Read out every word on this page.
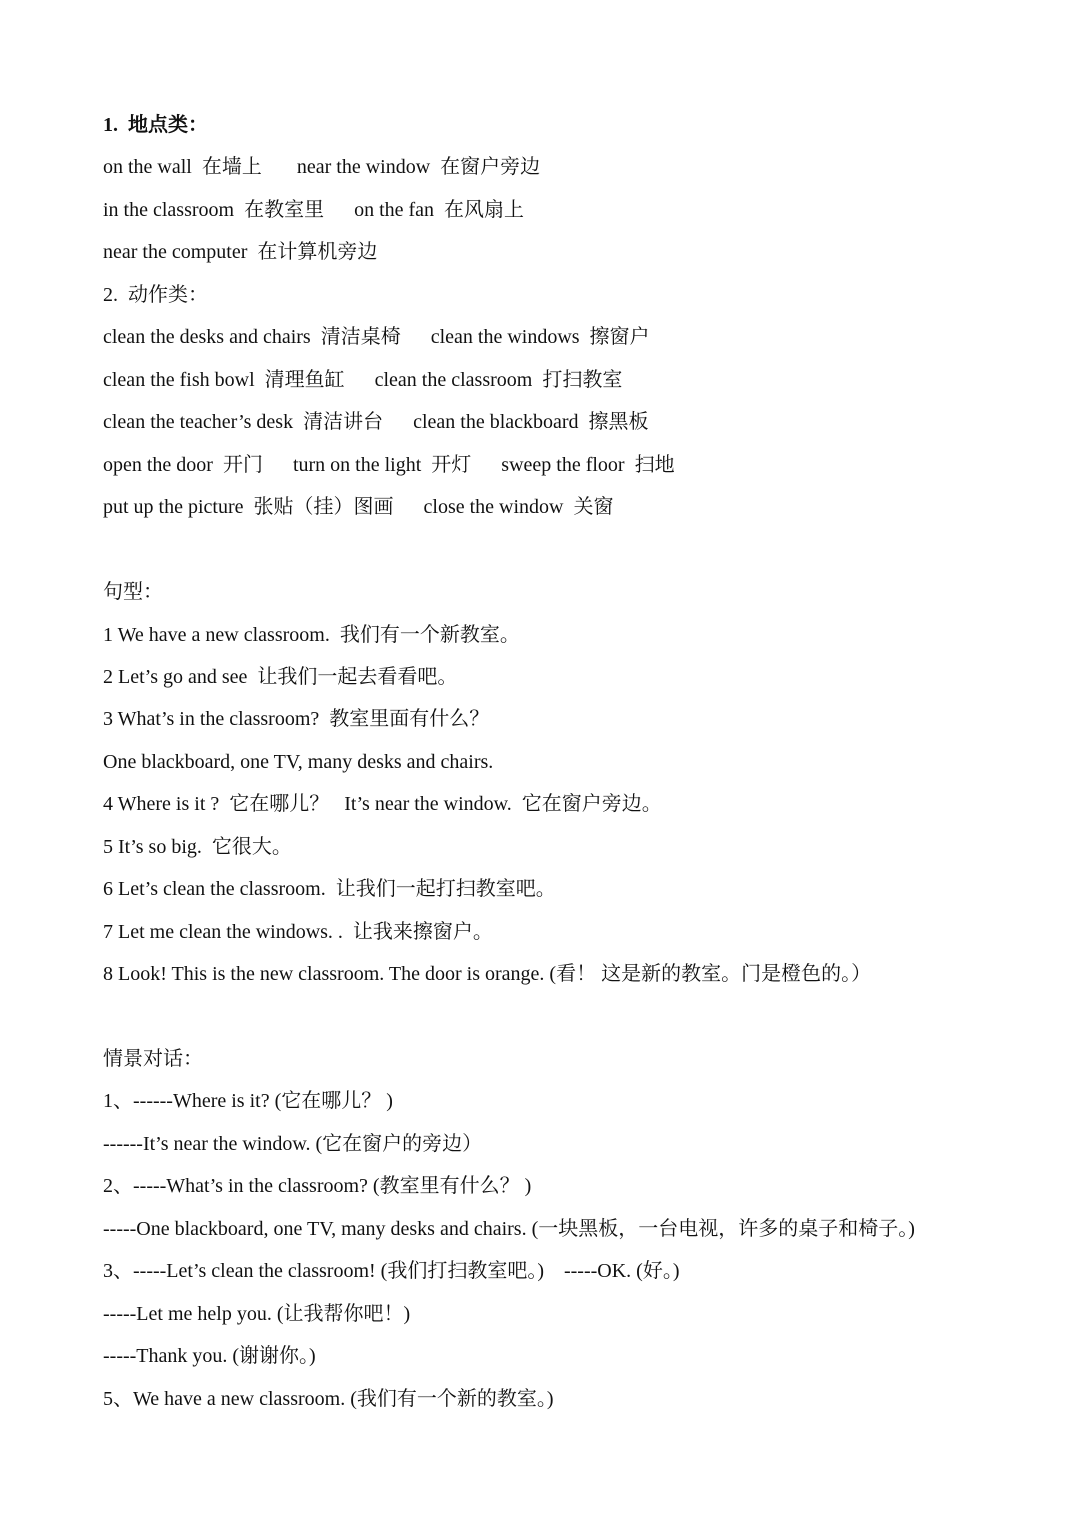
1.  地点类：
on the wall  在墙上       near the window  在窗户旁边
in the classroom  在教室里      on the fan  在风扇上
near the computer  在计算机旁边
2.  动作类：
clean the desks and chairs  清洁桌椅      clean the windows  擦窗户
clean the fish bowl  清理鱼缸      clean the classroom  打扫教室
clean the teacher’s desk  清洁讲台      clean the blackboard  擦黑板
open the door  开门      turn on the light  开灯      sweep the floor  扫地
put up the picture  张贴（挂）图画      close the window  关窗
句型：
1 We have a new classroom.  我们有一个新教室。
2 Let’s go and see  让我们一起去看看吧。
3 What’s in the classroom?  教室里面有什么？
One blackboard, one TV, many desks and chairs.
4 Where is it ?  它在哪儿？   It’s near the window.  它在窗户旁边。
5 It’s so big.  它很大。
6 Let’s clean the classroom.  让我们一起打扫教室吧。
7 Let me clean the windows. .  让我来擦窗户。
8 Look! This is the new classroom. The door is orange. (看！ 这是新的教室。门是橙色的。）
情景对话：
1、------Where is it? (它在哪儿？ )
------It’s near the window. (它在窗户的旁边）
2、-----What’s in the classroom? (教室里有什么？ )
-----One blackboard, one TV, many desks and chairs. (一块黑板，一台电视，许多的桌子和椅子。)
3、-----Let’s clean the classroom! (我们打扫教室吧。)    -----OK. (好。)
-----Let me help you. (让我帮你吧！)
-----Thank you. (谢谢你。)
5、We have a new classroom. (我们有一个新的教室。)
